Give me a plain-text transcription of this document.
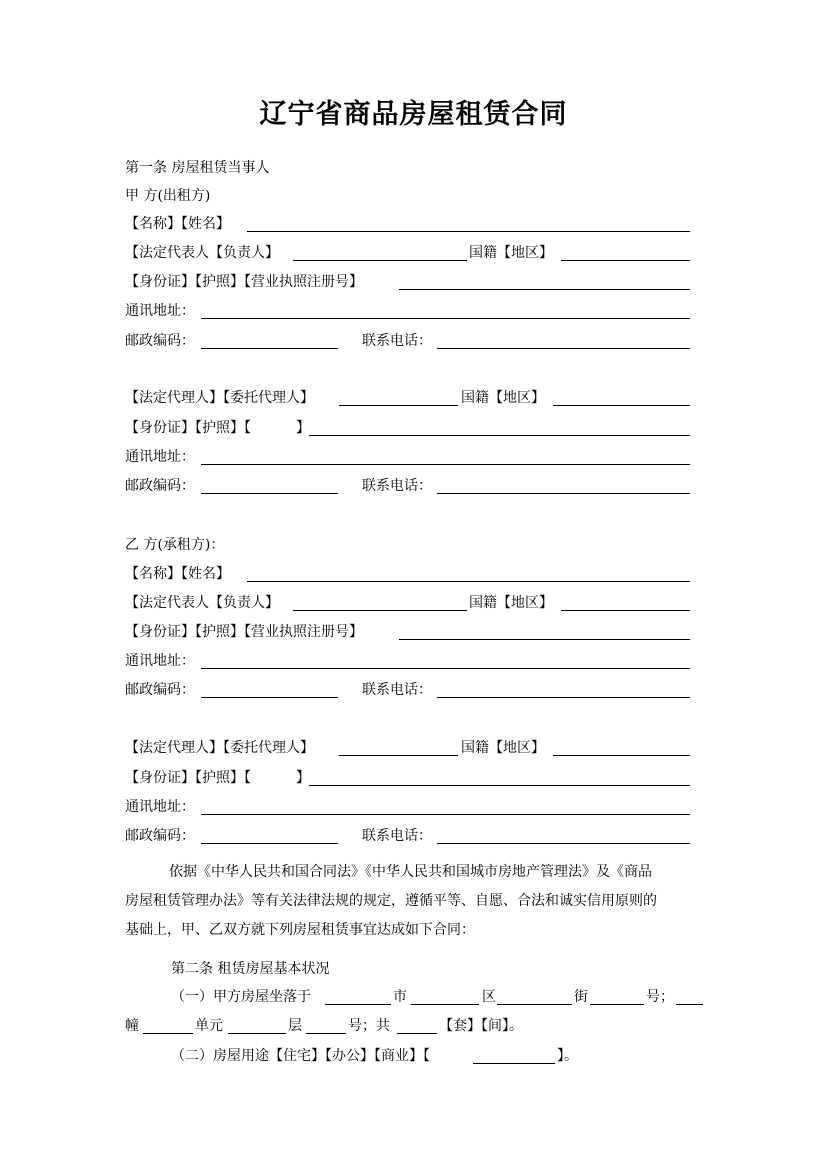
辽宁省商品房屋租赁合同
第一条 房屋租赁当事人
甲 方(出租方)
【名称】【姓名】
【法定代表人【负责人】	国籍【地区】
【身份证】【护照】【营业执照注册号】
通讯地址：
邮政编码：	联系电话：
【法定代理人】【委托代理人】	国籍【地区】
【身份证】【护照】【	】
通讯地址：
邮政编码：	联系电话：
乙 方(承租方)：
【名称】【姓名】
【法定代表人【负责人】	国籍【地区】
【身份证】【护照】【营业执照注册号】
通讯地址：
邮政编码：	联系电话：
【法定代理人】【委托代理人】	国籍【地区】
【身份证】【护照】【	】
通讯地址：
邮政编码：	联系电话：
依据《中华人民共和国合同法》《中华人民共和国城市房地产管理法》及《商品
房屋租赁管理办法》等有关法律法规的规定，遵循平等、自愿、合法和诚实信用原则的
基础上，甲、乙双方就下列房屋租赁事宜达成如下合同：
第二条 租赁房屋基本状况
（一）甲方房屋坐落于	市	区	街	号；
幢	单元	层	号；共	【套】【间】。
（二）房屋用途【住宅】【办公】【商业】【	】。
